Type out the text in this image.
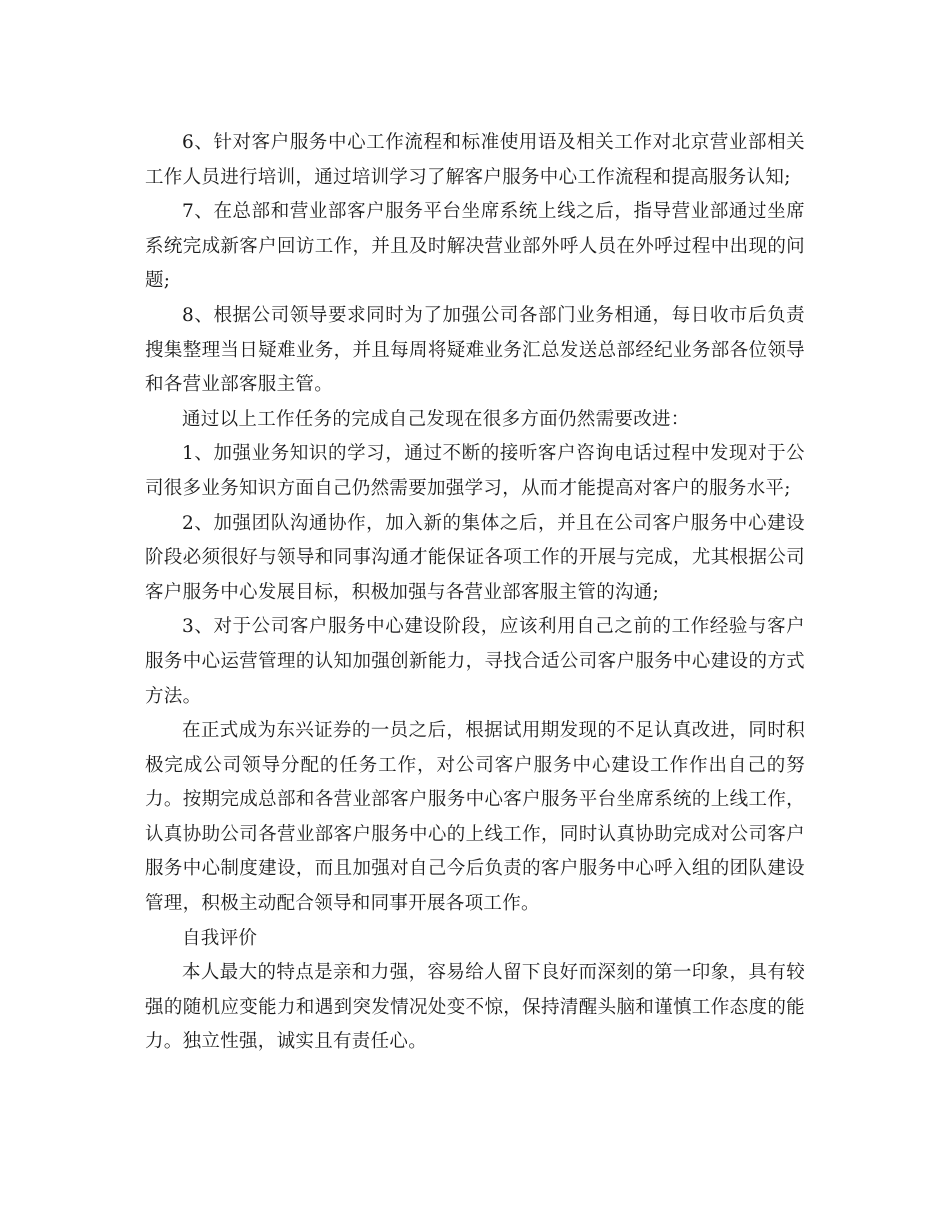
6、针对客户服务中心工作流程和标准使用语及相关工作对北京营业部相关工作人员进行培训，通过培训学习了解客户服务中心工作流程和提高服务认知;

7、在总部和营业部客户服务平台坐席系统上线之后，指导营业部通过坐席系统完成新客户回访工作，并且及时解决营业部外呼人员在外呼过程中出现的问题;

8、根据公司领导要求同时为了加强公司各部门业务相通，每日收市后负责搜集整理当日疑难业务，并且每周将疑难业务汇总发送总部经纪业务部各位领导和各营业部客服主管。

通过以上工作任务的完成自己发现在很多方面仍然需要改进：

1、加强业务知识的学习，通过不断的接听客户咨询电话过程中发现对于公司很多业务知识方面自己仍然需要加强学习，从而才能提高对客户的服务水平;

2、加强团队沟通协作，加入新的集体之后，并且在公司客户服务中心建设阶段必须很好与领导和同事沟通才能保证各项工作的开展与完成，尤其根据公司客户服务中心发展目标，积极加强与各营业部客服主管的沟通;

3、对于公司客户服务中心建设阶段，应该利用自己之前的工作经验与客户服务中心运营管理的认知加强创新能力，寻找合适公司客户服务中心建设的方式方法。

在正式成为东兴证券的一员之后，根据试用期发现的不足认真改进，同时积极完成公司领导分配的任务工作，对公司客户服务中心建设工作作出自己的努力。按期完成总部和各营业部客户服务中心客户服务平台坐席系统的上线工作，认真协助公司各营业部客户服务中心的上线工作，同时认真协助完成对公司客户服务中心制度建设，而且加强对自己今后负责的客户服务中心呼入组的团队建设管理，积极主动配合领导和同事开展各项工作。

自我评价

本人最大的特点是亲和力强，容易给人留下良好而深刻的第一印象，具有较强的随机应变能力和遇到突发情况处变不惊，保持清醒头脑和谨慎工作态度的能力。独立性强，诚实且有责任心。
